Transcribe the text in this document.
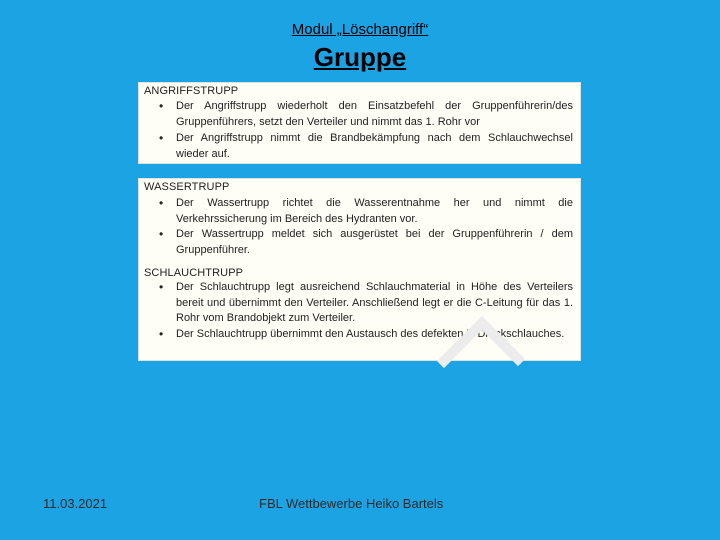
Modul „Löschangriff“
Gruppe
ANGRIFFSTRUPP
• Der Angriffstrupp wiederholt den Einsatzbefehl der Gruppenführerin/des Gruppenführers, setzt den Verteiler und nimmt das 1. Rohr vor
• Der Angriffstrupp nimmt die Brandbekämpfung nach dem Schlauchwechsel wieder auf.
WASSERTRUPP
• Der Wassertrupp richtet die Wasserentnahme her und nimmt die Verkehrssicherung im Bereich des Hydranten vor.
• Der Wassertrupp meldet sich ausgerüstet bei der Gruppenführerin / dem Gruppenführer.
SCHLAUCHTRUPP
• Der Schlauchtrupp legt ausreichend Schlauchmaterial in Höhe des Verteilers bereit und übernimmt den Verteiler. Anschließend legt er die C-Leitung für das 1. Rohr vom Brandobjekt zum Verteiler.
• Der Schlauchtrupp übernimmt den Austausch des defekten B-Druckschlauches.
11.03.2021	FBL Wettbewerbe Heiko Bartels
